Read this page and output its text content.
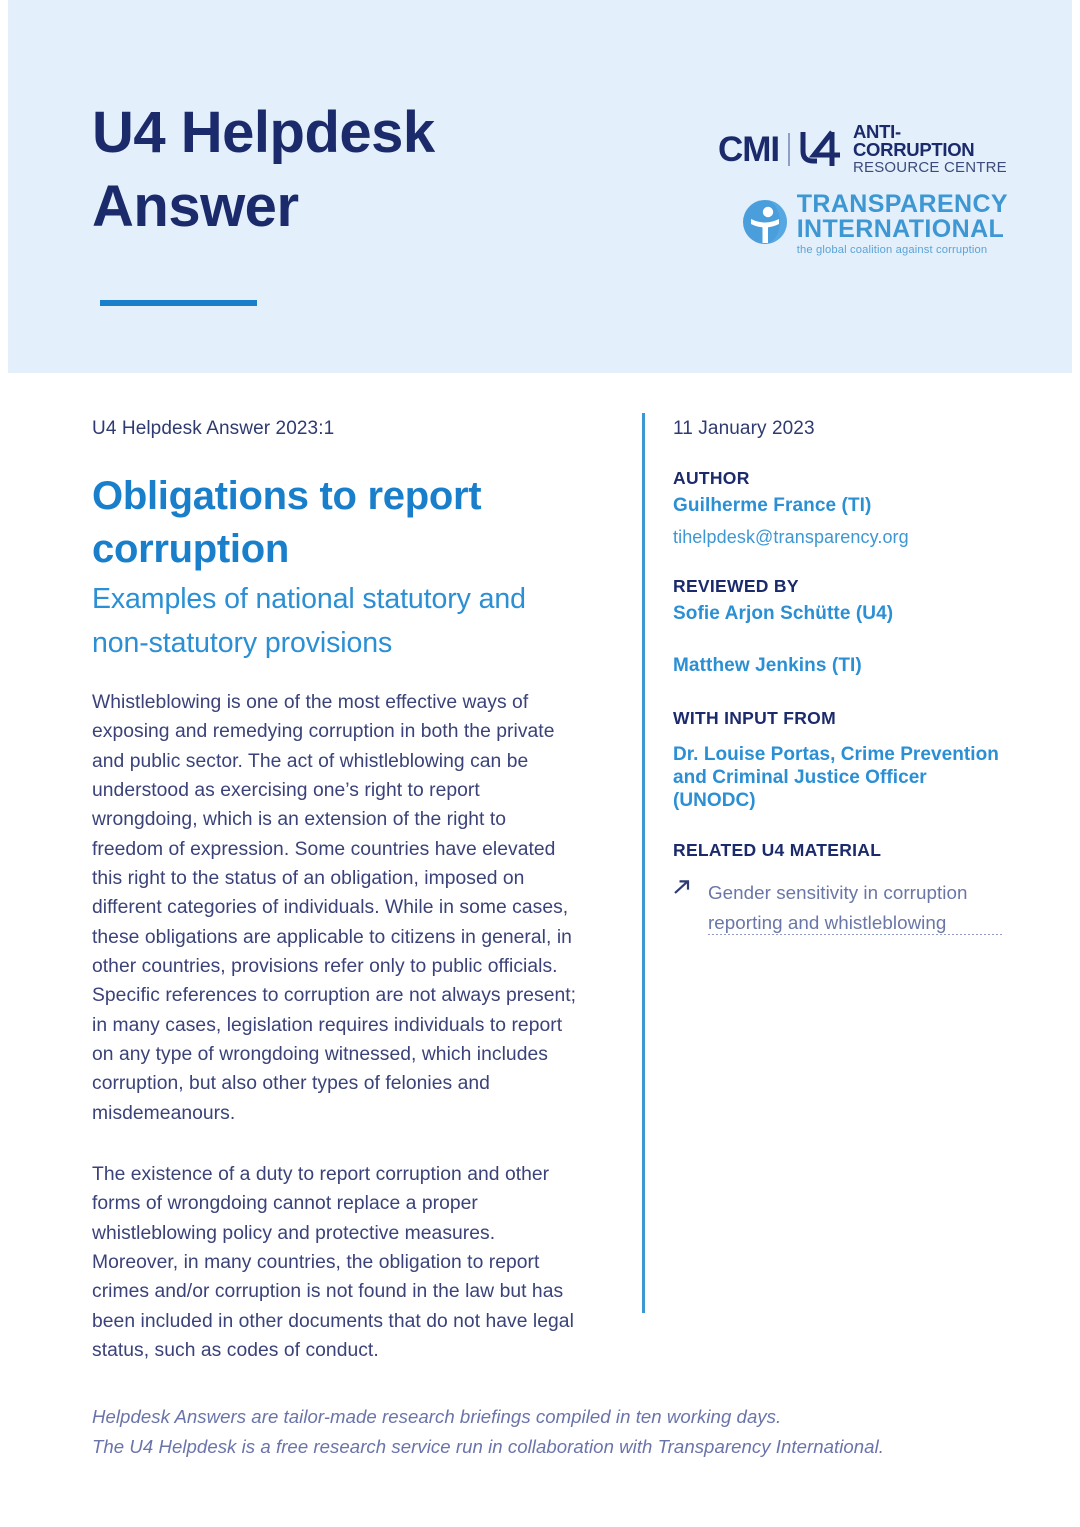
U4 Helpdesk Answer
CMI	ANTI-CORRUPTION
RESOURCE CENTRE
TRANSPARENCY
INTERNATIONAL
the global coalition against corruption

U4 Helpdesk Answer 2023:1

Obligations to report corruption
Examples of national statutory and non-statutory provisions

Whistleblowing is one of the most effective ways of exposing and remedying corruption in both the private and public sector. The act of whistleblowing can be understood as exercising one’s right to report wrongdoing, which is an extension of the right to freedom of expression. Some countries have elevated this right to the status of an obligation, imposed on different categories of individuals. While in some cases, these obligations are applicable to citizens in general, in other countries, provisions refer only to public officials. Specific references to corruption are not always present; in many cases, legislation requires individuals to report on any type of wrongdoing witnessed, which includes corruption, but also other types of felonies and misdemeanours.

The existence of a duty to report corruption and other forms of wrongdoing cannot replace a proper whistleblowing policy and protective measures. Moreover, in many countries, the obligation to report crimes and/or corruption is not found in the law but has been included in other documents that do not have legal status, such as codes of conduct.

11 January 2023

AUTHOR

Guilherme France (TI)

tihelpdesk@transparency.org

REVIEWED BY

Sofie Arjon Schütte (U4)

Matthew Jenkins (TI)

WITH INPUT FROM

Dr. Louise Portas, Crime Prevention and Criminal Justice Officer (UNODC)

RELATED U4 MATERIAL

Gender sensitivity in corruption reporting and whistleblowing

Helpdesk Answers are tailor-made research briefings compiled in ten working days.

The U4 Helpdesk is a free research service run in collaboration with Transparency International.
